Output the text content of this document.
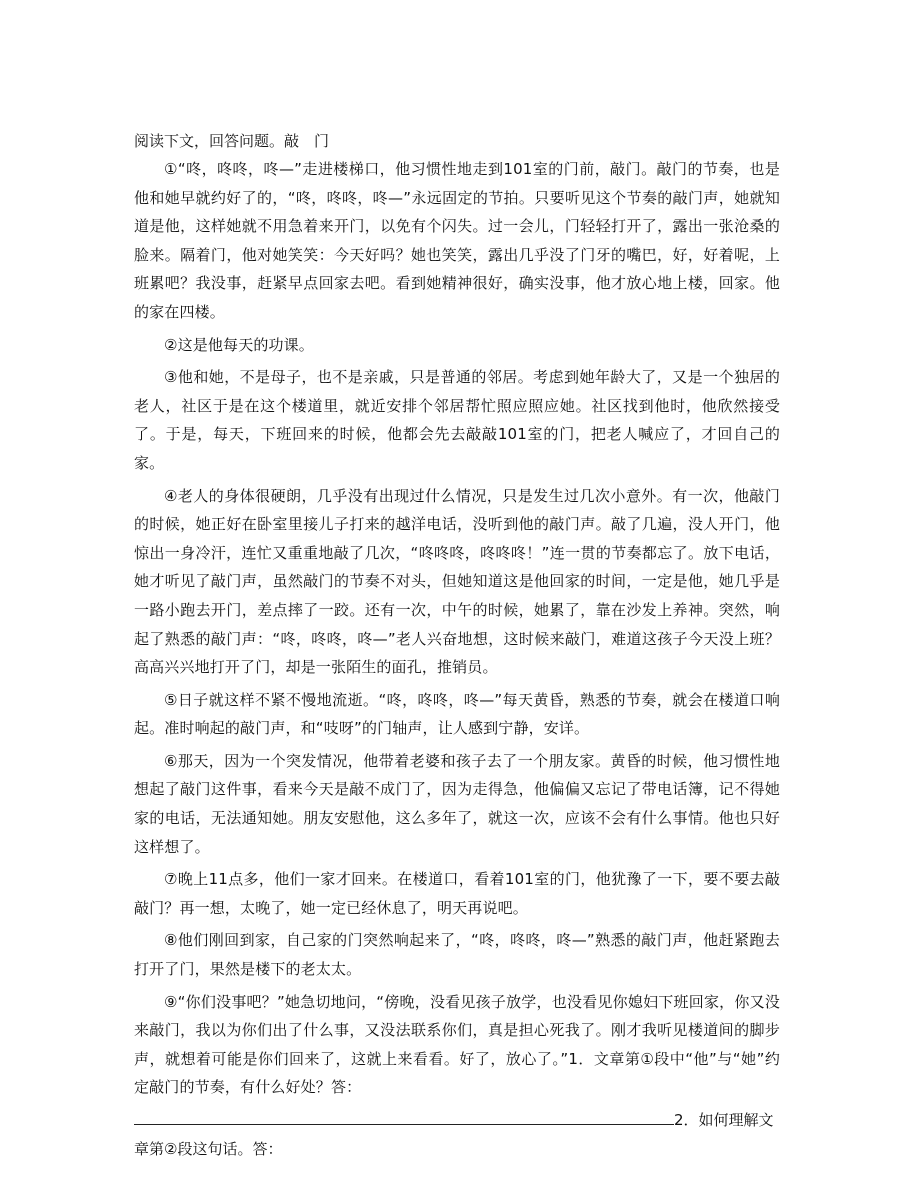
阅读下文，回答问题。敲　门

①“咚，咚咚，咚—”走进楼梯口，他习惯性地走到101室的门前，敲门。敲门的节奏，也是他和她早就约好了的，“咚，咚咚，咚—”永远固定的节拍。只要听见这个节奏的敲门声，她就知道是他，这样她就不用急着来开门，以免有个闪失。过一会儿，门轻轻打开了，露出一张沧桑的脸来。隔着门，他对她笑笑：今天好吗？她也笑笑，露出几乎没了门牙的嘴巴，好，好着呢，上班累吧？我没事，赶紧早点回家去吧。看到她精神很好，确实没事，他才放心地上楼，回家。他的家在四楼。

②这是他每天的功课。

③他和她，不是母子，也不是亲戚，只是普通的邻居。考虑到她年龄大了，又是一个独居的老人，社区于是在这个楼道里，就近安排个邻居帮忙照应照应她。社区找到他时，他欣然接受了。于是，每天，下班回来的时候，他都会先去敲敲101室的门，把老人喊应了，才回自己的家。

④老人的身体很硬朗，几乎没有出现过什么情况，只是发生过几次小意外。有一次，他敲门的时候，她正好在卧室里接儿子打来的越洋电话，没听到他的敲门声。敲了几遍，没人开门，他惊出一身冷汗，连忙又重重地敲了几次，“咚咚咚，咚咚咚！”连一贯的节奏都忘了。放下电话，她才听见了敲门声，虽然敲门的节奏不对头，但她知道这是他回家的时间，一定是他，她几乎是一路小跑去开门，差点摔了一跤。还有一次，中午的时候，她累了，靠在沙发上养神。突然，响起了熟悉的敲门声：“咚，咚咚，咚—”老人兴奋地想，这时候来敲门，难道这孩子今天没上班？高高兴兴地打开了门，却是一张陌生的面孔，推销员。

⑤日子就这样不紧不慢地流逝。“咚，咚咚，咚—”每天黄昏，熟悉的节奏，就会在楼道口响起。准时响起的敲门声，和“吱呀”的门轴声，让人感到宁静，安详。

⑥那天，因为一个突发情况，他带着老婆和孩子去了一个朋友家。黄昏的时候，他习惯性地想起了敲门这件事，看来今天是敲不成门了，因为走得急，他偏偏又忘记了带电话簿，记不得她家的电话，无法通知她。朋友安慰他，这么多年了，就这一次，应该不会有什么事情。他也只好这样想了。

⑦晚上11点多，他们一家才回来。在楼道口，看着101室的门，他犹豫了一下，要不要去敲敲门？再一想，太晚了，她一定已经休息了，明天再说吧。

⑧他们刚回到家，自己家的门突然响起来了，“咚，咚咚，咚—”熟悉的敲门声，他赶紧跑去打开了门，果然是楼下的老太太。

⑨“你们没事吧？”她急切地问，“傍晚，没看见孩子放学，也没看见你媳妇下班回家，你又没来敲门，我以为你们出了什么事，又没法联系你们，真是担心死我了。刚才我听见楼道间的脚步声，就想着可能是你们回来了，这就上来看看。好了，放心了。”1．文章第①段中“他”与“她”约定敲门的节奏，有什么好处？答：

2．如何理解文

章第②段这句话。答：
